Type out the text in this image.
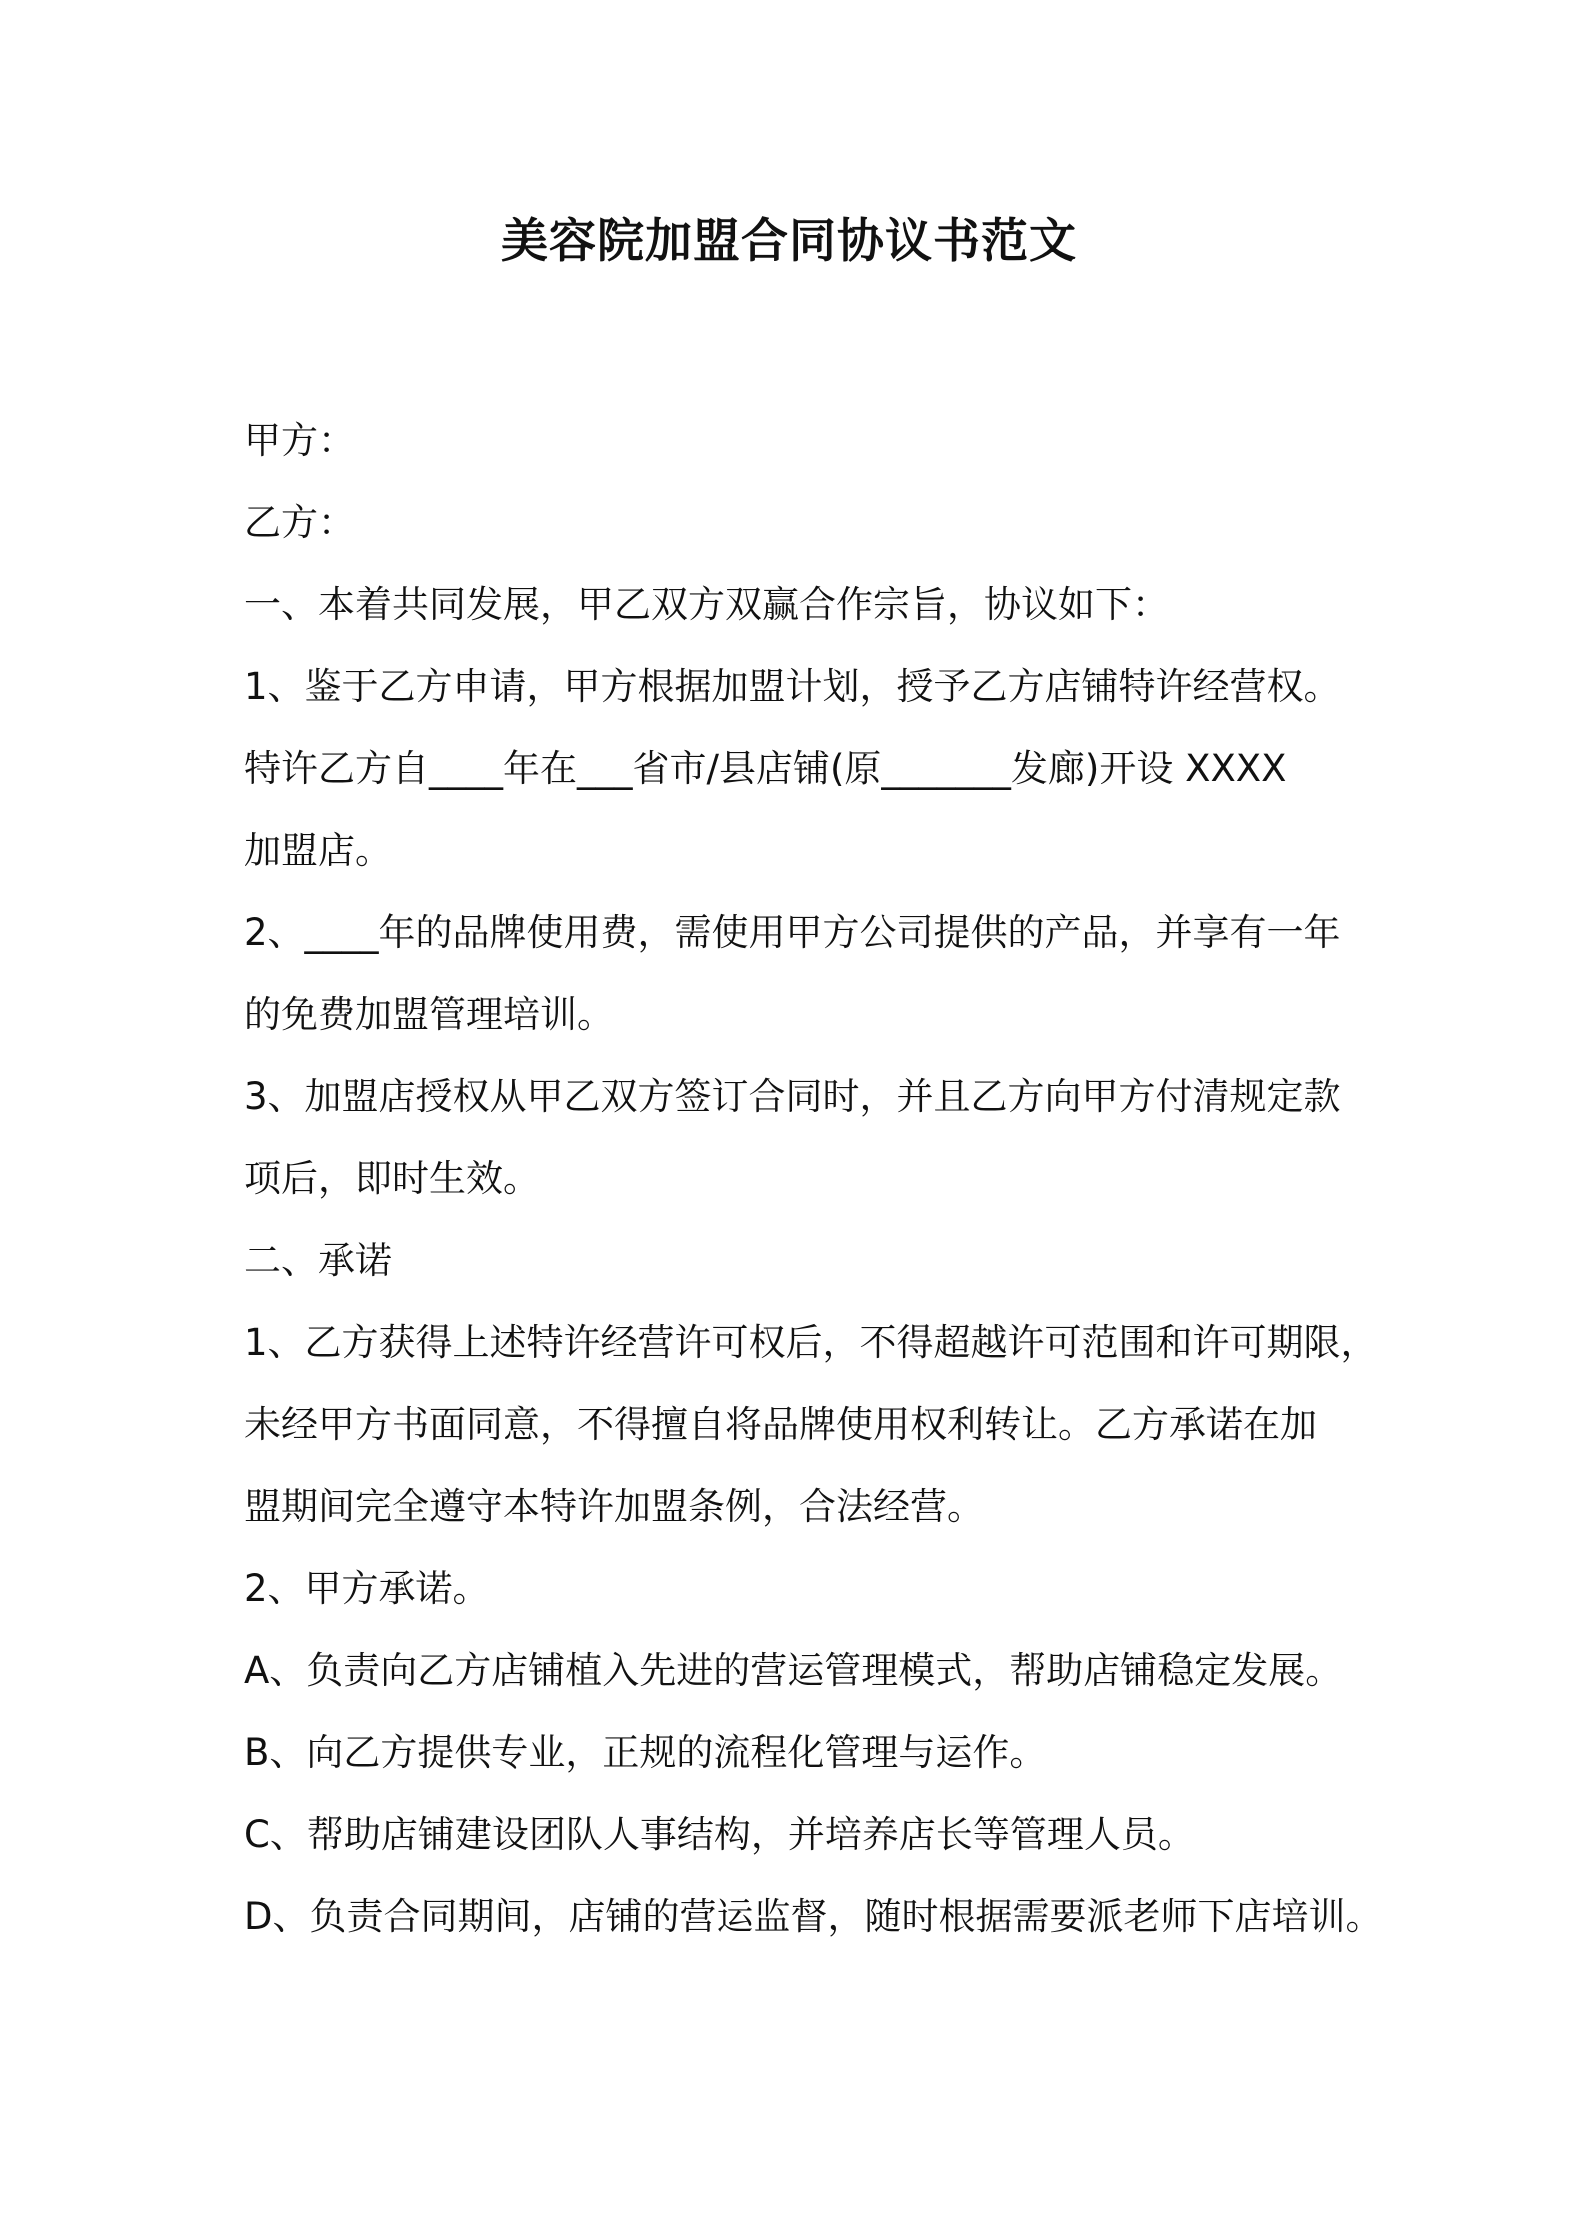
美容院加盟合同协议书范文

甲方：

乙方：

一、本着共同发展，甲乙双方双赢合作宗旨，协议如下：

1、鉴于乙方申请，甲方根据加盟计划，授予乙方店铺特许经营权。

特许乙方自____年在___省市/县店铺(原_______发廊)开设 XXXX

加盟店。

2、____年的品牌使用费，需使用甲方公司提供的产品，并享有一年

的免费加盟管理培训。

3、加盟店授权从甲乙双方签订合同时，并且乙方向甲方付清规定款

项后，即时生效。

二、承诺

1、乙方获得上述特许经营许可权后，不得超越许可范围和许可期限，

未经甲方书面同意，不得擅自将品牌使用权利转让。乙方承诺在加

盟期间完全遵守本特许加盟条例，合法经营。

2、甲方承诺。

A、负责向乙方店铺植入先进的营运管理模式，帮助店铺稳定发展。

B、向乙方提供专业，正规的流程化管理与运作。

C、帮助店铺建设团队人事结构，并培养店长等管理人员。

D、负责合同期间，店铺的营运监督，随时根据需要派老师下店培训。
